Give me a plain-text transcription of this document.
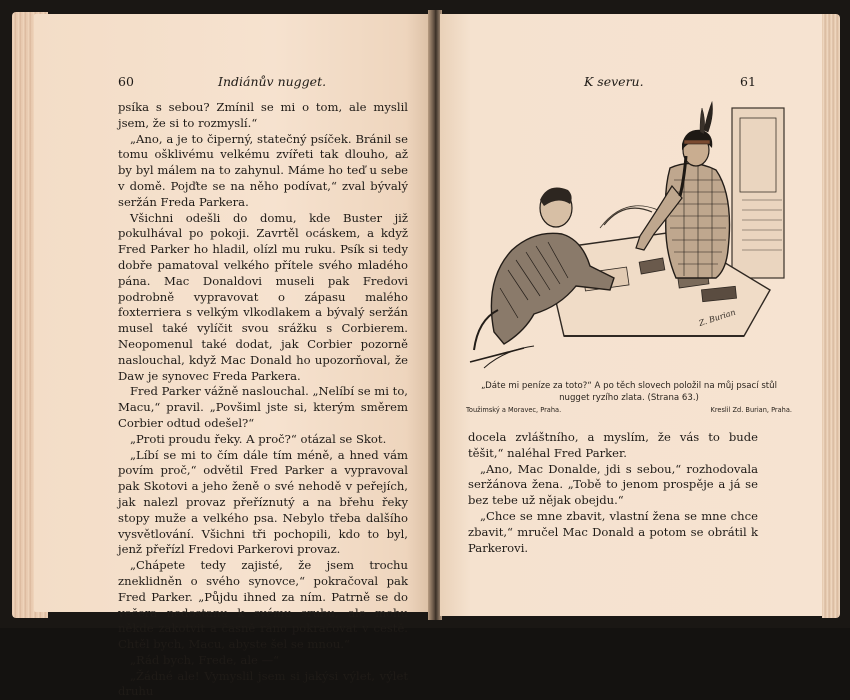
60	Indiánův nugget.

psíka s sebou? Zmínil se mi o tom, ale myslil jsem, že si to rozmyslí.“

„Ano, a je to čiperný, statečný psíček. Bránil se tomu ošklivému velkému zvířeti tak dlouho, až by byl málem na to zahynul. Máme ho teď u sebe v domě. Pojďte se na něho podívat,“ zval bývalý seržán Freda Parkera.

Všichni odešli do domu, kde Buster již pokulhával po pokoji. Zavrtěl ocáskem, a když Fred Parker ho hladil, olízl mu ruku. Psík si tedy dobře pamatoval velkého přítele svého mladého pána. Mac Donaldovi museli pak Fredovi podrobně vypravovat o zápasu malého foxterriera s velkým vlkodlakem a bývalý seržán musel také vylíčit svou srážku s Corbierem. Neopomenul také dodat, jak Corbier pozorně naslouchal, když Mac Donald ho upozorňoval, že Daw je synovec Freda Parkera.

Fred Parker vážně naslouchal. „Nelíbí se mi to, Macu,“ pravil. „Povšiml jste si, kterým směrem Corbier odtud odešel?“

„Proti proudu řeky. A proč?“ otázal se Skot.

„Líbí se mi to čím dále tím méně, a hned vám povím proč,“ odvětil Fred Parker a vypravoval pak Skotovi a jeho ženě o své nehodě v peřejích, jak nalezl provaz přeříznutý a na břehu řeky stopy muže a velkého psa. Nebylo třeba dalšího vysvětlování. Všichni tři pochopili, kdo to byl, jenž přeřízl Fredovi Parkerovi provaz.

„Chápete tedy zajisté, že jsem trochu zneklidněn o svého synovce,“ pokračoval pak Fred Parker. „Půjdu ihned za ním. Patrně se do večera nedostanu k svému srubu, ale mohu někde zakotvit a časně ráno pokračovat v cestě. Chtěl bych, Macu, abyste šel se mnou.“

„Rád bych, Frede, ale —“

„Žádné ale! Vymyslil jsem si jakýsi výlet, výlet druhu

K severu.	61
Z. Burian
„Dáte mi peníze za toto?“ A po těch slovech položil na můj psací stůl nugget ryzího zlata. (Strana 63.)
Toužimský a Moravec, Praha.	Kreslil Zd. Burian, Praha.

docela zvláštního, a myslím, že vás to bude těšit,“ naléhal Fred Parker.

„Ano, Mac Donalde, jdi s sebou,“ rozhodovala seržánova žena. „Tobě to jenom prospěje a já se bez tebe už nějak obejdu.“

„Chce se mne zbavit, vlastní žena se mne chce zbavit,“ mručel Mac Donald a potom se obrátil k Parkerovi.
